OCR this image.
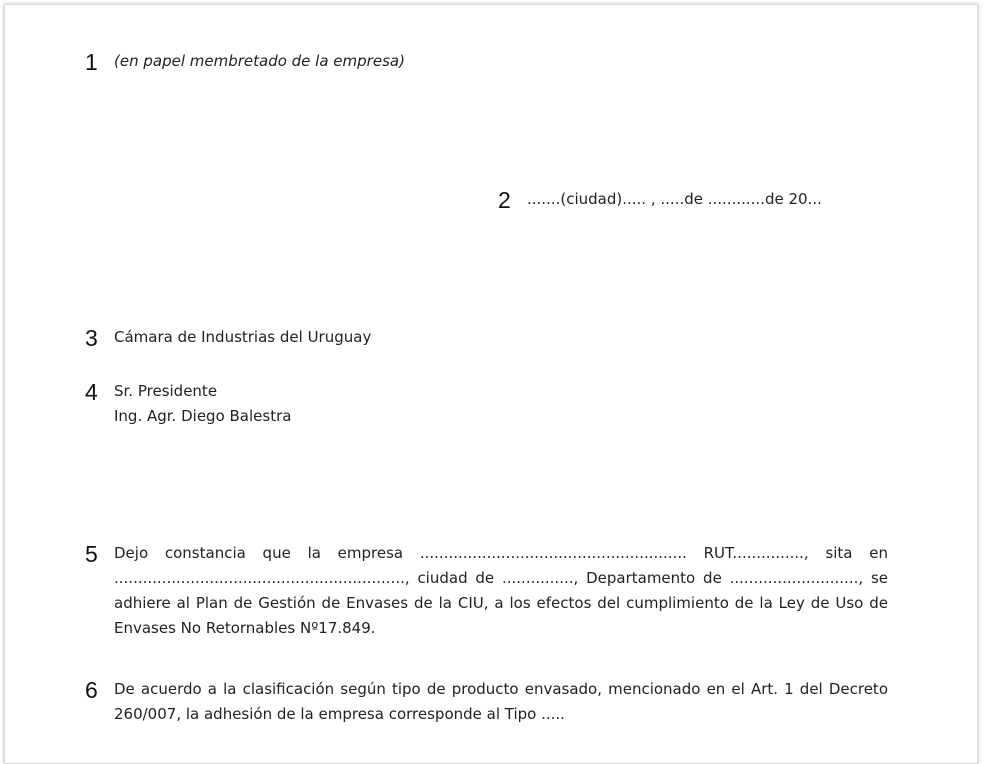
1 (en papel membretado de la empresa)
2 .......(ciudad)..... , .....de ............de 20...
3 Cámara de Industrias del Uruguay
4 Sr. Presidente
Ing. Agr. Diego Balestra
5 Dejo constancia que la empresa ........................................................ RUT..............., sita en ............................................................., ciudad de ..............., Departamento de ..........................., se adhiere al Plan de Gestión de Envases de la CIU, a los efectos del cumplimiento de la Ley de Uso de Envases No Retornables Nº17.849.
6 De acuerdo a la clasificación según tipo de producto envasado, mencionado en el Art. 1 del Decreto 260/007, la adhesión de la empresa corresponde al Tipo .....
